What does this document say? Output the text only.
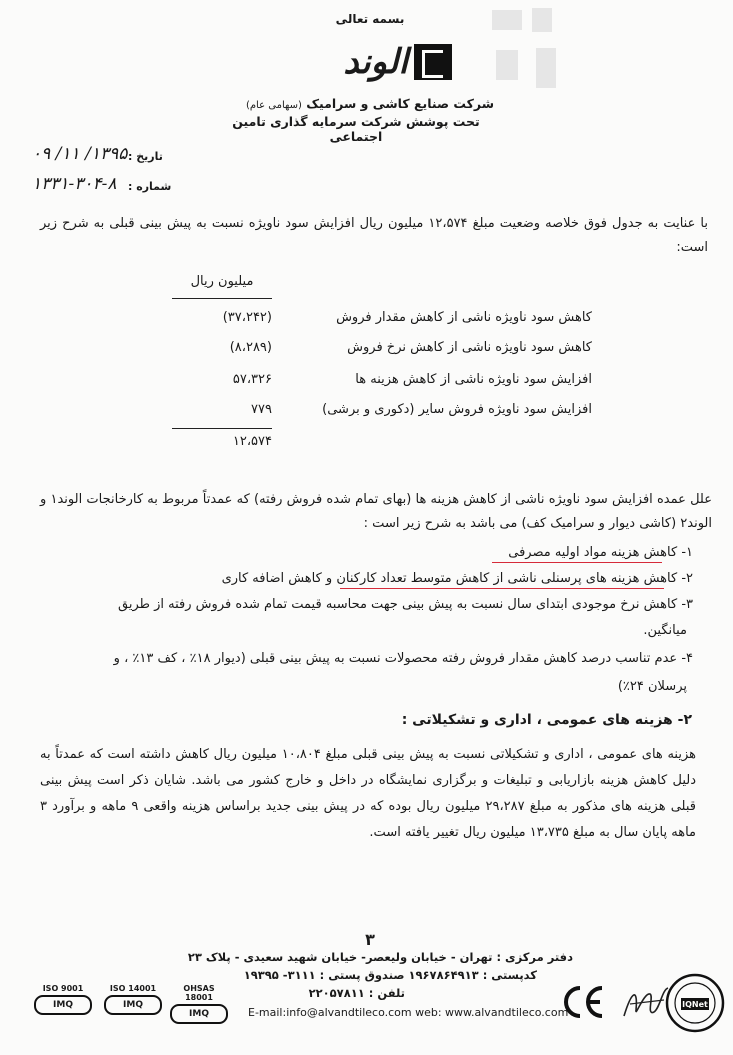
بسمه تعالی
الوند
شرکت صنایع کاشی و سرامیک (سهامی عام)
تحت پوشش شرکت سرمایه گذاری تامین اجتماعی
تاریخ :
۱۳۹۵/ ۱۱/ ۰۹
شماره :
۱۳۳۱-۳۰۴-۸
با عنایت به جدول فوق خلاصه وضعیت مبلغ ۱۲،۵۷۴ میلیون ریال افزایش سود ناویژه نسبت به پیش بینی قبلی به شرح زیر است:
میلیون ریال
کاهش سود ناویژه ناشی از کاهش مقدار فروش
(۳۷،۲۴۲)
کاهش سود ناویژه ناشی از کاهش نرخ فروش
(۸،۲۸۹)
افزایش سود ناویژه ناشی از کاهش هزینه ها
۵۷،۳۲۶
افزایش سود ناویژه فروش سایر (دکوری و برشی)
۷۷۹
۱۲،۵۷۴
علل عمده افزایش سود ناویژه ناشی از کاهش هزینه ها (بهای تمام شده فروش رفته) که عمدتاً مربوط به کارخانجات الوند۱ و الوند۲ (کاشی دیوار و سرامیک کف) می باشد به شرح زیر است :
۱- کاهش هزینه مواد اولیه مصرفی
۲- کاهش هزینه های پرسنلی ناشی از کاهش متوسط تعداد کارکنان و کاهش اضافه کاری
۳- کاهش نرخ موجودی ابتدای سال نسبت به پیش بینی جهت محاسبه قیمت تمام شده فروش رفته از طریق
میانگین.
۴- عدم تناسب درصد کاهش مقدار فروش رفته محصولات نسبت به پیش بینی قبلی (دیوار ۱۸٪ ، کف ۱۳٪ ، و
پرسلان ۲۴٪)
۲- هزینه های عمومی ، اداری و تشکیلاتی :
هزینه های عمومی ، اداری و تشکیلاتی نسبت به پیش بینی قبلی مبلغ ۱۰،۸۰۴ میلیون ریال کاهش داشته است که عمدتاً به دلیل کاهش هزینه بازاریابی و تبلیغات و برگزاری نمایشگاه در داخل و خارج کشور می باشد. شایان ذکر است پیش بینی قبلی هزینه های مذکور به مبلغ ۲۹،۲۸۷ میلیون ریال بوده که در پیش بینی جدید براساس هزینه واقعی ۹ ماهه و برآورد ۳ ماهه پایان سال به مبلغ ۱۳،۷۳۵ میلیون ریال تغییر یافته است.
۳
دفتر مرکزی : تهران - خیابان ولیعصر- خیابان شهید سعیدی - پلاک ۲۳
کدپستی : ۱۹۶۷۸۶۴۹۱۳ صندوق پستی : ۳۱۱۱- ۱۹۳۹۵
تلفن : ۲۲۰۵۷۸۱۱
E-mail:info@alvandtileco.com web: www.alvandtileco.com
ISO 9001
IMQ
ISO 14001
IMQ
OHSAS 18001
IMQ
IQNet
